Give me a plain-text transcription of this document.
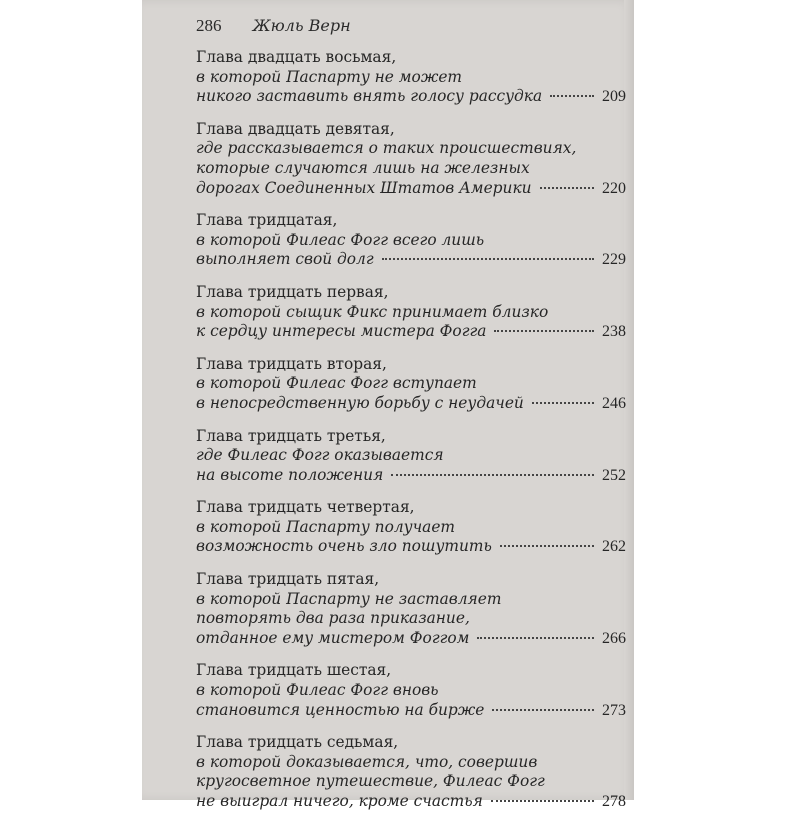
286 Жюль Верн
Глава двадцать восьмая,
в которой Паспарту не может
никого заставить внять голосу рассудка	209
Глава двадцать девятая,
где рассказывается о таких происшествиях,
которые случаются лишь на железных
дорогах Соединенных Штатов Америки	220
Глава тридцатая,
в которой Филеас Фогг всего лишь
выполняет свой долг	229
Глава тридцать первая,
в которой сыщик Фикс принимает близко
к сердцу интересы мистера Фогга	238
Глава тридцать вторая,
в которой Филеас Фогг вступает
в непосредственную борьбу с неудачей	246
Глава тридцать третья,
где Филеас Фогг оказывается
на высоте положения	252
Глава тридцать четвертая,
в которой Паспарту получает
возможность очень зло пошутить	262
Глава тридцать пятая,
в которой Паспарту не заставляет
повторять два раза приказание,
отданное ему мистером Фоггом	266
Глава тридцать шестая,
в которой Филеас Фогг вновь
становится ценностью на бирже	273
Глава тридцать седьмая,
в которой доказывается, что, совершив
кругосветное путешествие, Филеас Фогг
не выиграл ничего, кроме счастья	278
